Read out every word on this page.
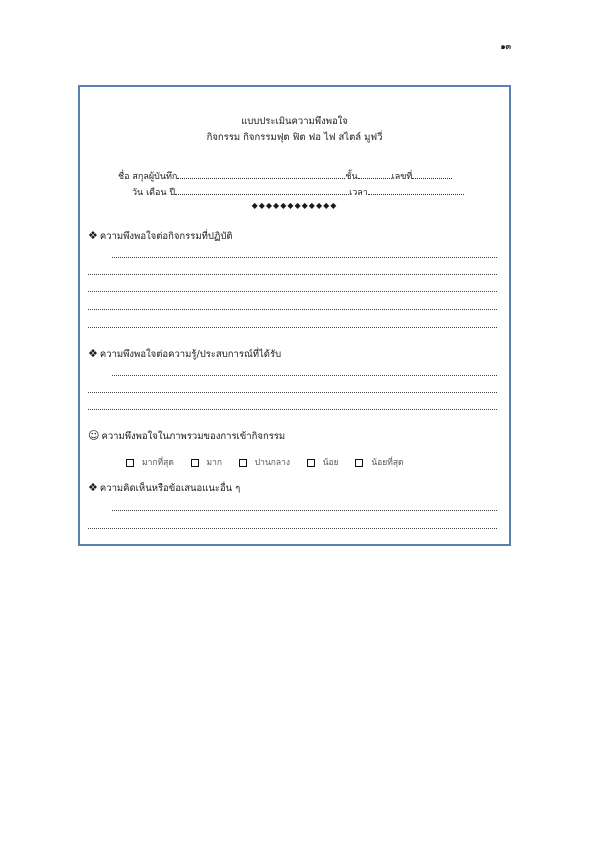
๑๓
แบบประเมินความพึงพอใจ
กิจกรรม กิจกรรมฟุต ฟิต ฟอ ไฟ สไตล์ มูฟวี่
ชื่อ สกุลผู้บันทึก	ชั้น	เลขที่
วัน เดือน ปี	เวลา
◆◆◆◆◆◆◆◆◆◆◆◆
❖ ความพึงพอใจต่อกิจกรรมที่ปฏิบัติ
❖ ความพึงพอใจต่อความรู้/ประสบการณ์ที่ได้รับ
☺ ความพึงพอใจในภาพรวมของการเข้ากิจกรรม
มากที่สุด	มาก	ปานกลาง	น้อย	น้อยที่สุด
❖ ความคิดเห็นหรือข้อเสนอแนะอื่น ๆ
